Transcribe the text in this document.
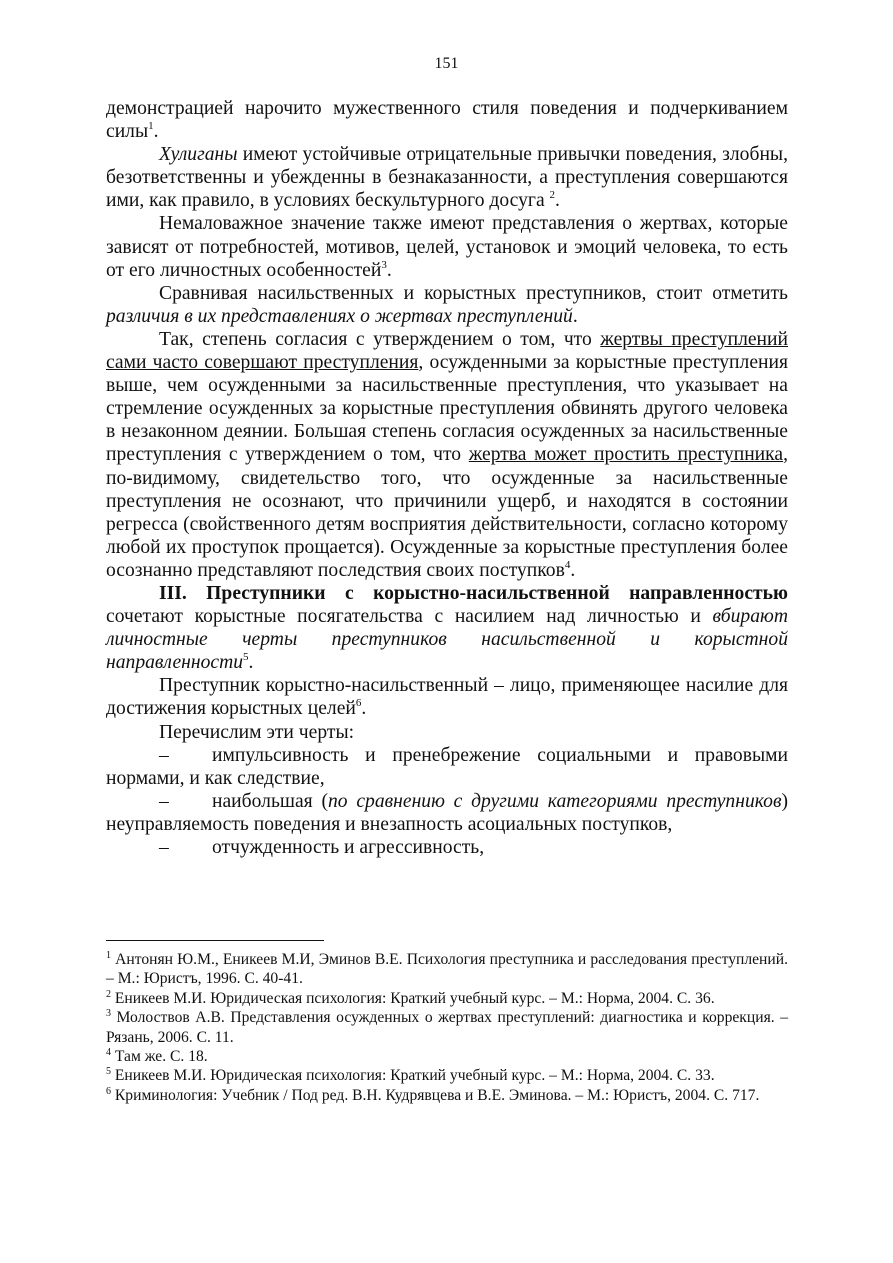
151

демонстрацией нарочито мужественного стиля поведения и подчеркиванием силы$^1$.

Хулиганы имеют устойчивые отрицательные привычки поведения, злобны, безответственны и убежденны в безнаказанности, а преступления совершаются ими, как правило, в условиях бескультурного досуга $^2$.

Немаловажное значение также имеют представления о жертвах, которые зависят от потребностей, мотивов, целей, установок и эмоций человека, то есть от его личностных особенностей$^3$.

Сравнивая насильственных и корыстных преступников, стоит отметить различия в их представлениях о жертвах преступлений.

Так, степень согласия с утверждением о том, что жертвы преступлений сами часто совершают преступления, осужденными за корыстные преступления выше, чем осужденными за насильственные преступления, что указывает на стремление осужденных за корыстные преступления обвинять другого человека в незаконном деянии. Большая степень согласия осужденных за насильственные преступления с утверждением о том, что жертва может простить преступника, по-видимому, свидетельство того, что осужденные за насильственные преступления не осознают, что причинили ущерб, и находятся в состоянии регресса (свойственного детям восприятия действительности, согласно которому любой их проступок прощается). Осужденные за корыстные преступления более осознанно представляют последствия своих поступков$^4$.

III. Преступники с корыстно-насильственной направленностью сочетают корыстные посягательства с насилием над личностью и вбирают личностные черты преступников насильственной и корыстной направленности$^5$.

Преступник корыстно-насильственный – лицо, применяющее насилие для достижения корыстных целей$^6$.

Перечислим эти черты:

– импульсивность и пренебрежение социальными и правовыми нормами, и как следствие,

– наибольшая (по сравнению с другими категориями преступников) неуправляемость поведения и внезапность асоциальных поступков,

– отчужденность и агрессивность,

$^1$ Антонян Ю.М., Еникеев М.И, Эминов В.Е. Психология преступника и расследования преступлений. – М.: Юристъ, 1996. С. 40-41.

$^2$ Еникеев М.И. Юридическая психология: Краткий учебный курс. – М.: Норма, 2004. С. 36.

$^3$ Молоствов А.В. Представления осужденных о жертвах преступлений: диагностика и коррекция. – Рязань, 2006. С. 11.

$^4$ Там же. С. 18.

$^5$ Еникеев М.И. Юридическая психология: Краткий учебный курс. – М.: Норма, 2004. С. 33.

$^6$ Криминология: Учебник / Под ред. В.Н. Кудрявцева и В.Е. Эминова. – М.: Юристъ, 2004. С. 717.
